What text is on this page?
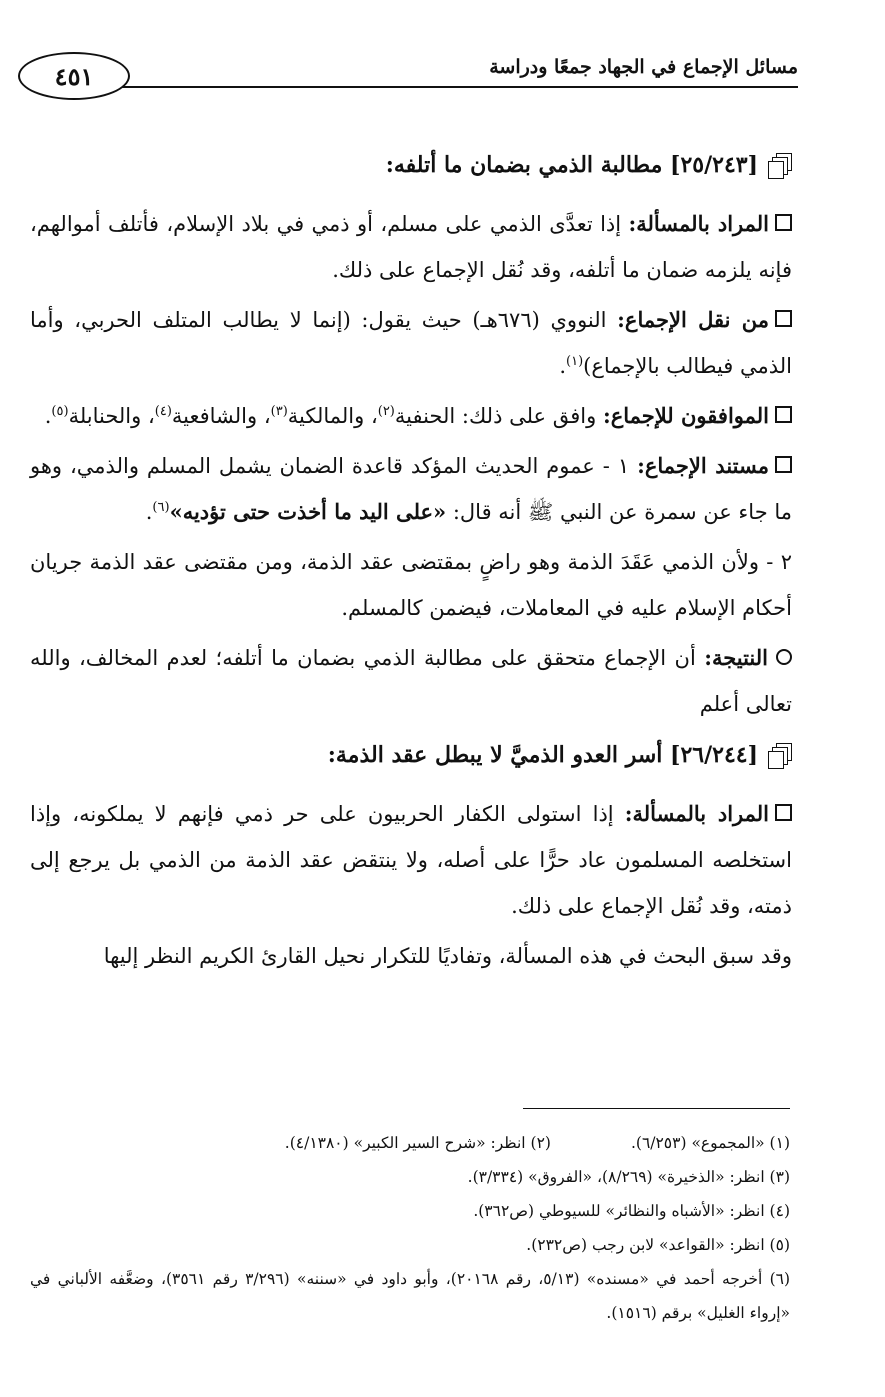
٤٥١	مسائل الإجماع في الجهاد جمعًا ودراسة
[٢٥/٢٤٣] مطالبة الذمي بضمان ما أتلفه:

المراد بالمسألة: إذا تعدَّى الذمي على مسلم، أو ذمي في بلاد الإسلام، فأتلف أموالهم، فإنه يلزمه ضمان ما أتلفه، وقد نُقل الإجماع على ذلك.

من نقل الإجماع: النووي (٦٧٦هـ) حيث يقول: (إنما لا يطالب المتلف الحربي، وأما الذمي فيطالب بالإجماع)$^{(١)}$.

الموافقون للإجماع: وافق على ذلك: الحنفية$^{(٢)}$، والمالكية$^{(٣)}$، والشافعية$^{(٤)}$، والحنابلة$^{(٥)}$.

مستند الإجماع: ١ - عموم الحديث المؤكد قاعدة الضمان يشمل المسلم والذمي، وهو ما جاء عن سمرة عن النبي ﷺ أنه قال: «على اليد ما أخذت حتى تؤديه»$^{(٦)}$.

٢ - ولأن الذمي عَقَدَ الذمة وهو راضٍ بمقتضى عقد الذمة، ومن مقتضى عقد الذمة جريان أحكام الإسلام عليه في المعاملات، فيضمن كالمسلم.

النتيجة: أن الإجماع متحقق على مطالبة الذمي بضمان ما أتلفه؛ لعدم المخالف، والله تعالى أعلم

[٢٦/٢٤٤] أسر العدو الذميَّ لا يبطل عقد الذمة:

المراد بالمسألة: إذا استولى الكفار الحربيون على حر ذمي فإنهم لا يملكونه، وإذا استخلصه المسلمون عاد حرًّا على أصله، ولا ينتقض عقد الذمة من الذمي بل يرجع إلى ذمته، وقد نُقل الإجماع على ذلك.

وقد سبق البحث في هذه المسألة، وتفاديًا للتكرار نحيل القارئ الكريم النظر إليها

(١) «المجموع» (٦/٢٥٣).
(٢) انظر: «شرح السير الكبير» (٤/١٣٨٠).
(٣) انظر: «الذخيرة» (٨/٢٦٩)، «الفروق» (٣/٣٣٤).
(٤) انظر: «الأشباه والنظائر» للسيوطي (ص٣٦٢).
(٥) انظر: «القواعد» لابن رجب (ص٢٣٢).
(٦) أخرجه أحمد في «مسنده» (٥/١٣، رقم ٢٠١٦٨)، وأبو داود في «سننه» (٣/٢٩٦ رقم ٣٥٦١)، وضعَّفه الألباني في «إرواء الغليل» برقم (١٥١٦).
